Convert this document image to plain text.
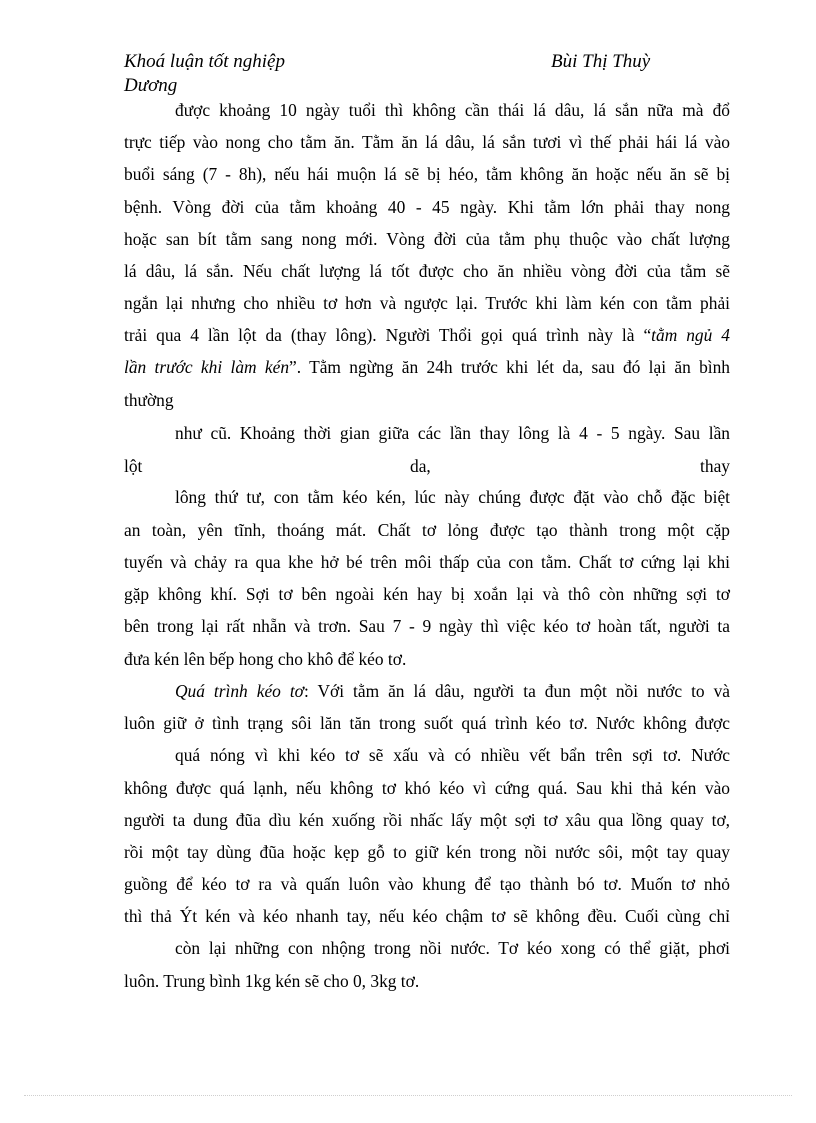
Khoá luận tốt nghiệp	Bùi Thị Thuỳ
Dương
được khoảng 10 ngày tuổi thì không cần thái lá dâu, lá sắn nữa mà đổ
trực tiếp vào nong cho tằm ăn. Tằm ăn lá dâu, lá sắn tươi vì thế phải hái lá vào
buổi sáng (7 - 8h), nếu hái muộn lá sẽ bị héo, tằm không ăn hoặc nếu ăn sẽ bị
bệnh. Vòng đời của tằm khoảng 40 - 45 ngày. Khi tằm lớn phải thay nong
hoặc san bít tằm sang nong mới. Vòng đời của tằm phụ thuộc vào chất lượng
lá dâu, lá sắn. Nếu chất lượng lá tốt được cho ăn nhiều vòng đời của tằm sẽ
ngắn lại nhưng cho nhiều tơ hơn và ngược lại. Trước khi làm kén con tằm phải
trải qua 4 lần lột da (thay lông). Người Thổi gọi quá trình này là “tằm ngủ 4
lần trước khi làm kén”. Tằm ngừng ăn 24h trước khi lét da, sau đó lại ăn bình
thường
như cũ. Khoảng thời gian giữa các lần thay lông là 4 - 5 ngày. Sau lần
lột	da,	thay
lông thứ tư, con tằm kéo kén, lúc này chúng được đặt vào chỗ đặc biệt
an toàn, yên tĩnh, thoáng mát. Chất tơ lỏng được tạo thành trong một cặp
tuyến và chảy ra qua khe hở bé trên môi thấp của con tằm. Chất tơ cứng lại khi
gặp không khí. Sợi tơ bên ngoài kén hay bị xoắn lại và thô còn những sợi tơ
bên trong lại rất nhẵn và trơn. Sau 7 - 9 ngày thì việc kéo tơ hoàn tất, người ta
đưa kén lên bếp hong cho khô để kéo tơ.
Quá trình kéo tơ: Với tằm ăn lá dâu, người ta đun một nồi nước to và
luôn giữ ở tình trạng sôi lăn tăn trong suốt quá trình kéo tơ. Nước không được
quá nóng vì khi kéo tơ sẽ xấu và có nhiều vết bẩn trên sợi tơ. Nước
không được quá lạnh, nếu không tơ khó kéo vì cứng quá. Sau khi thả kén vào
người ta dung đũa dìu kén xuống rồi nhấc lấy một sợi tơ xâu qua lồng quay tơ,
rồi một tay dùng đũa hoặc kẹp gỗ to giữ kén trong nồi nước sôi, một tay quay
guồng để kéo tơ ra và quấn luôn vào khung để tạo thành bó tơ. Muốn tơ nhỏ
thì thả Ýt kén và kéo nhanh tay, nếu kéo chậm tơ sẽ không đều. Cuối cùng chỉ
còn lại những con nhộng trong nồi nước. Tơ kéo xong có thể giặt, phơi
luôn. Trung bình 1kg kén sẽ cho 0, 3kg tơ.
